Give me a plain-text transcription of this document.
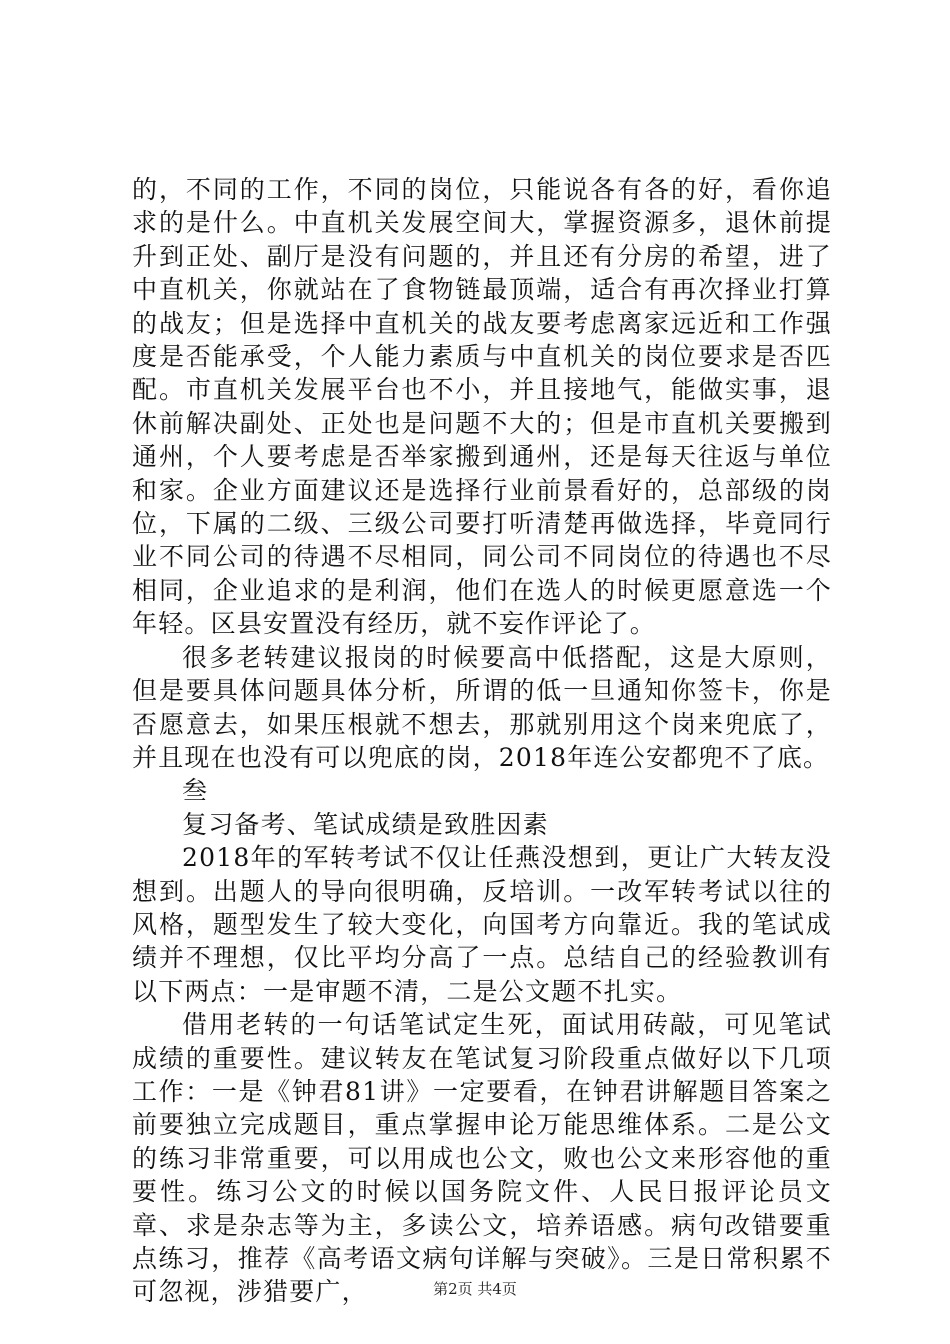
的，不同的工作，不同的岗位，只能说各有各的好，看你追求的是什么。中直机关发展空间大，掌握资源多，退休前提升到正处、副厅是没有问题的，并且还有分房的希望，进了中直机关，你就站在了食物链最顶端，适合有再次择业打算的战友；但是选择中直机关的战友要考虑离家远近和工作强度是否能承受，个人能力素质与中直机关的岗位要求是否匹配。市直机关发展平台也不小，并且接地气，能做实事，退休前解决副处、正处也是问题不大的；但是市直机关要搬到通州，个人要考虑是否举家搬到通州，还是每天往返与单位和家。企业方面建议还是选择行业前景看好的，总部级的岗位，下属的二级、三级公司要打听清楚再做选择，毕竟同行业不同公司的待遇不尽相同，同公司不同岗位的待遇也不尽相同，企业追求的是利润，他们在选人的时候更愿意选一个年轻。区县安置没有经历，就不妄作评论了。

很多老转建议报岗的时候要高中低搭配，这是大原则，但是要具体问题具体分析，所谓的低一旦通知你签卡，你是否愿意去，如果压根就不想去，那就别用这个岗来兜底了，并且现在也没有可以兜底的岗，2018年连公安都兜不了底。

叁

复习备考、笔试成绩是致胜因素

2018年的军转考试不仅让任燕没想到，更让广大转友没想到。出题人的导向很明确，反培训。一改军转考试以往的风格，题型发生了较大变化，向国考方向靠近。我的笔试成绩并不理想，仅比平均分高了一点。总结自己的经验教训有以下两点：一是审题不清，二是公文题不扎实。

借用老转的一句话笔试定生死，面试用砖敲，可见笔试成绩的重要性。建议转友在笔试复习阶段重点做好以下几项工作：一是《钟君81讲》一定要看，在钟君讲解题目答案之前要独立完成题目，重点掌握申论万能思维体系。二是公文的练习非常重要，可以用成也公文，败也公文来形容他的重要性。练习公文的时候以国务院文件、人民日报评论员文章、求是杂志等为主，多读公文，培养语感。病句改错要重点练习，推荐《高考语文病句详解与突破》。三是日常积累不可忽视，涉猎要广，	第2页 共4页
